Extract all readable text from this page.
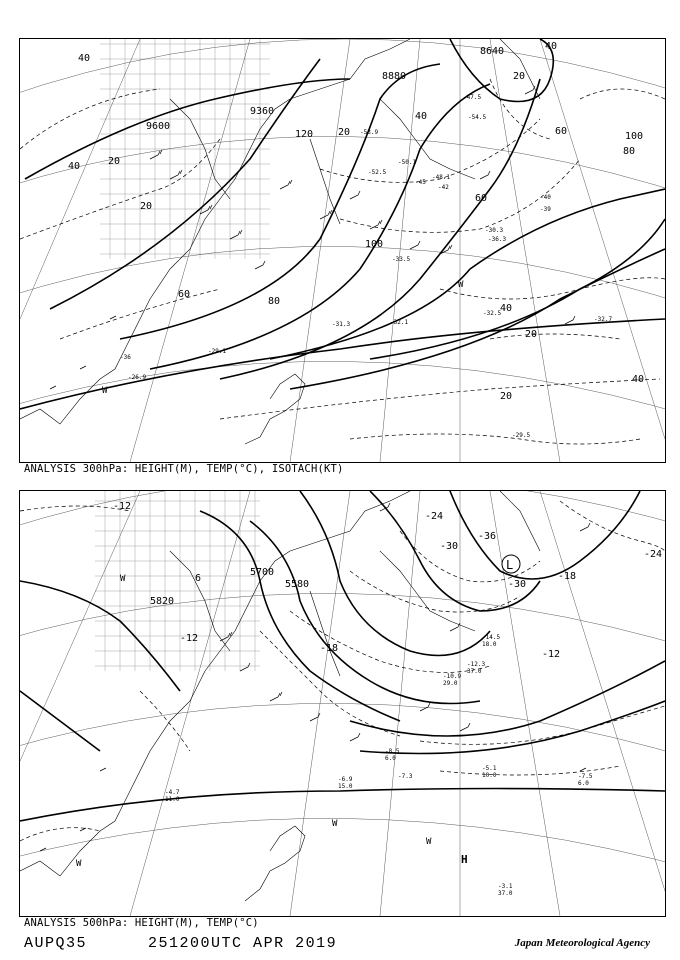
9600
9360
8880
8640
20
40
60
80
100
120 20
40
60
80
100
60
40
20
20
40
20
40
20
40
-33.5
-32.1
-31.3
-29.1
-36.3
-32.5
-32.7
-29.5
-26.9
-30.3
-42
-45
-47.5
-54.5
-50.1
-53.9
-52.5
-48.1
-40
-39
-36
W
W
ANALYSIS 300hPa: HEIGHT(M), TEMP(°C), ISOTACH(KT)
5700
5580
5820
-12
-30
-18
-24
-36
-12
6
-12
-24
-18
-30
L
H
-5.1
10.0	-7.5
6.0
-7.3
-6.9
15.0
-4.7
11.0
-3.1
37.0
-10.9
29.0
-12.3
37.0
-8.5
6.0
-14.5
18.0
W
W
W
W
ANALYSIS 500hPa: HEIGHT(M), TEMP(°C)
AUPQ35	251200UTC APR 2019	Japan Meteorological Agency
